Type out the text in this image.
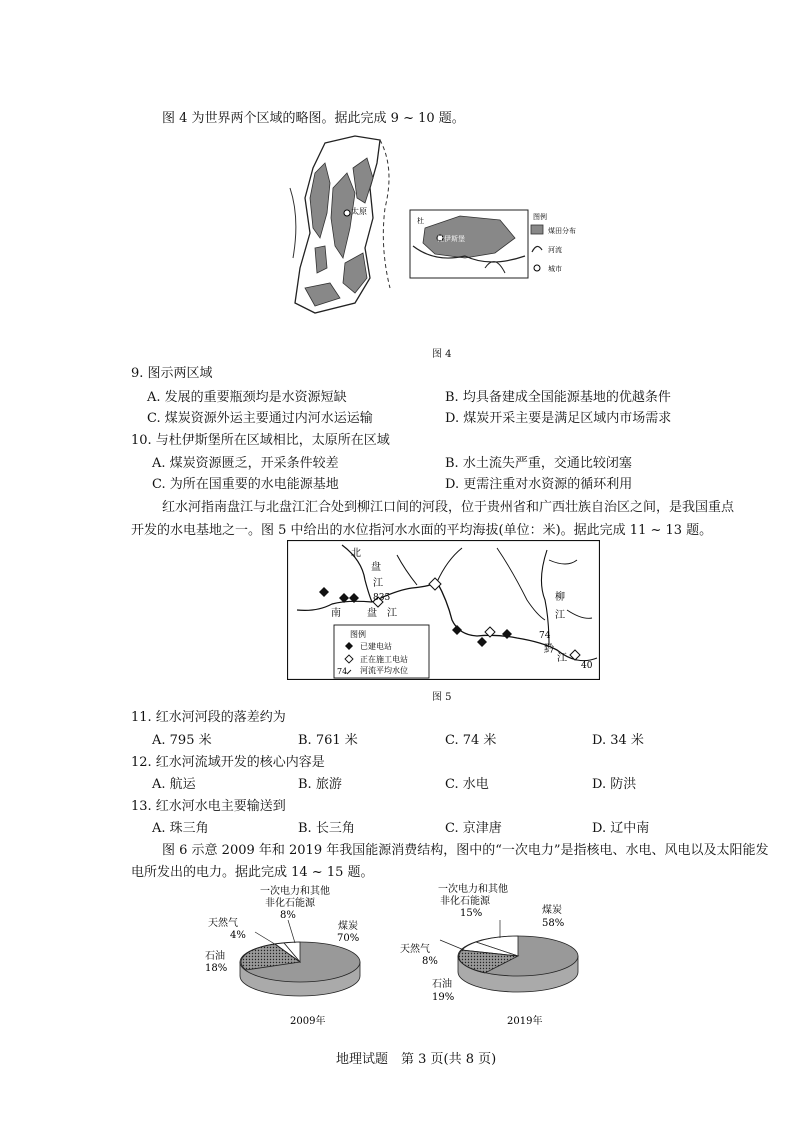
图 4 为世界两个区域的略图。据此完成 9 ~ 10 题。
太原
杜
杜伊斯堡
图例
煤田分布
河流
城市
图 4
9. 图示两区域
A. 发展的重要瓶颈均是水资源短缺	B. 均具备建成全国能源基地的优越条件
C. 煤炭资源外运主要通过内河水运运输	D. 煤炭开采主要是满足区域内市场需求
10. 与杜伊斯堡所在区域相比，太原所在区域
A. 煤炭资源匮乏，开采条件较差	B. 水土流失严重，交通比较闭塞
C. 为所在国重要的水电能源基地	D. 更需注重对水资源的循环利用
红水河指南盘江与北盘江汇合处到柳江口间的河段，位于贵州省和广西壮族自治区之间，是我国重点
开发的水电基地之一。图 5 中给出的水位指河水水面的平均海拔(单位：米)。据此完成 11 ~ 13 题。
北
盘
江
835
南	盘 江
柳
江
74
黔
江
40
图例
已建电站
正在施工电站
74 河流平均水位
图 5
11. 红水河河段的落差约为
A. 795 米	B. 761 米	C. 74 米	D. 34 米
12. 红水河流域开发的核心内容是
A. 航运	B. 旅游	C. 水电	D. 防洪
13. 红水河水电主要输送到
A. 珠三角	B. 长三角	C. 京津唐	D. 辽中南
图 6 示意 2009 年和 2019 年我国能源消费结构，图中的“一次电力”是指核电、水电、风电以及太阳能发
电所发出的电力。据此完成 14 ~ 15 题。
一次电力和其他
非化石能源
8%
天然气
4%
石油
18%
煤炭
70%
2009年
一次电力和其他
非化石能源
15%
天然气
8%
石油
19%
煤炭
58%
2019年
地理试题　第 3 页(共 8 页)
